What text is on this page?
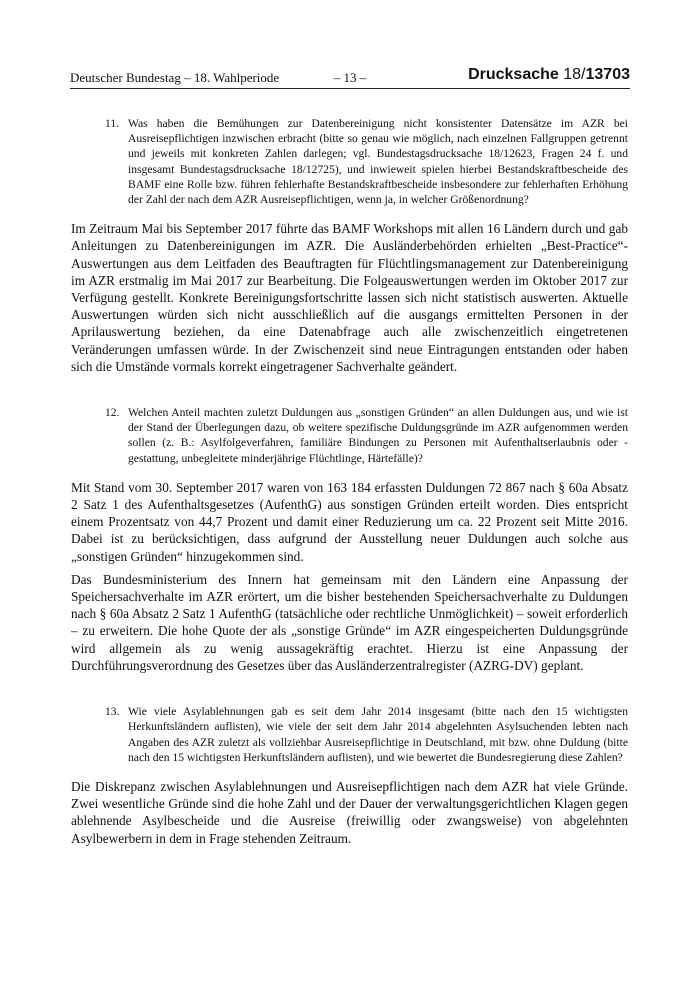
Deutscher Bundestag – 18. Wahlperiode	– 13 –	Drucksache 18/13703
11. Was haben die Bemühungen zur Datenbereinigung nicht konsistenter Datensätze im AZR bei Ausreisepflichtigen inzwischen erbracht (bitte so genau wie möglich, nach einzelnen Fallgruppen getrennt und jeweils mit konkreten Zahlen darlegen; vgl. Bundestagsdrucksache 18/12623, Fragen 24 f. und insgesamt Bundestagsdrucksache 18/12725), und inwieweit spielen hierbei Bestandskraftbescheide des BAMF eine Rolle bzw. führen fehlerhafte Bestandskraftbescheide insbesondere zur fehlerhaften Erhöhung der Zahl der nach dem AZR Ausreisepflichtigen, wenn ja, in welcher Größenordnung?

Im Zeitraum Mai bis September 2017 führte das BAMF Workshops mit allen 16 Ländern durch und gab Anleitungen zu Datenbereinigungen im AZR. Die Ausländerbehörden erhielten „Best-Practice“-Auswertungen aus dem Leitfaden des Beauftragten für Flüchtlingsmanagement zur Datenbereinigung im AZR erstmalig im Mai 2017 zur Bearbeitung. Die Folgeauswertungen werden im Oktober 2017 zur Verfügung gestellt. Konkrete Bereinigungsfortschritte lassen sich nicht statistisch auswerten. Aktuelle Auswertungen würden sich nicht ausschließlich auf die ausgangs ermittelten Personen in der Aprilauswertung beziehen, da eine Datenabfrage auch alle zwischenzeitlich eingetretenen Veränderungen umfassen würde. In der Zwischenzeit sind neue Eintragungen entstanden oder haben sich die Umstände vormals korrekt eingetragener Sachverhalte geändert.

12. Welchen Anteil machten zuletzt Duldungen aus „sonstigen Gründen“ an allen Duldungen aus, und wie ist der Stand der Überlegungen dazu, ob weitere spezifische Duldungsgründe im AZR aufgenommen werden sollen (z. B.: Asylfolgeverfahren, familiäre Bindungen zu Personen mit Aufenthaltserlaubnis oder -gestattung, unbegleitete minderjährige Flüchtlinge, Härtefälle)?

Mit Stand vom 30. September 2017 waren von 163 184 erfassten Duldungen 72 867 nach § 60a Absatz 2 Satz 1 des Aufenthaltsgesetzes (AufenthG) aus sonstigen Gründen erteilt worden. Dies entspricht einem Prozentsatz von 44,7 Prozent und damit einer Reduzierung um ca. 22 Prozent seit Mitte 2016. Dabei ist zu berücksichtigen, dass aufgrund der Ausstellung neuer Duldungen auch solche aus „sonstigen Gründen“ hinzugekommen sind.

Das Bundesministerium des Innern hat gemeinsam mit den Ländern eine Anpassung der Speichersachverhalte im AZR erörtert, um die bisher bestehenden Speichersachverhalte zu Duldungen nach § 60a Absatz 2 Satz 1 AufenthG (tatsächliche oder rechtliche Unmöglichkeit) – soweit erforderlich – zu erweitern. Die hohe Quote der als „sonstige Gründe“ im AZR eingespeicherten Duldungsgründe wird allgemein als zu wenig aussagekräftig erachtet. Hierzu ist eine Anpassung der Durchführungsverordnung des Gesetzes über das Ausländerzentralregister (AZRG-DV) geplant.

13. Wie viele Asylablehnungen gab es seit dem Jahr 2014 insgesamt (bitte nach den 15 wichtigsten Herkunftsländern auflisten), wie viele der seit dem Jahr 2014 abgelehnten Asylsuchenden lebten nach Angaben des AZR zuletzt als vollziehbar Ausreisepflichtige in Deutschland, mit bzw. ohne Duldung (bitte nach den 15 wichtigsten Herkunftsländern auflisten), und wie bewertet die Bundesregierung diese Zahlen?

Die Diskrepanz zwischen Asylablehnungen und Ausreisepflichtigen nach dem AZR hat viele Gründe. Zwei wesentliche Gründe sind die hohe Zahl und der Dauer der verwaltungsgerichtlichen Klagen gegen ablehnende Asylbescheide und die Ausreise (freiwillig oder zwangsweise) von abgelehnten Asylbewerbern in dem in Frage stehenden Zeitraum.
